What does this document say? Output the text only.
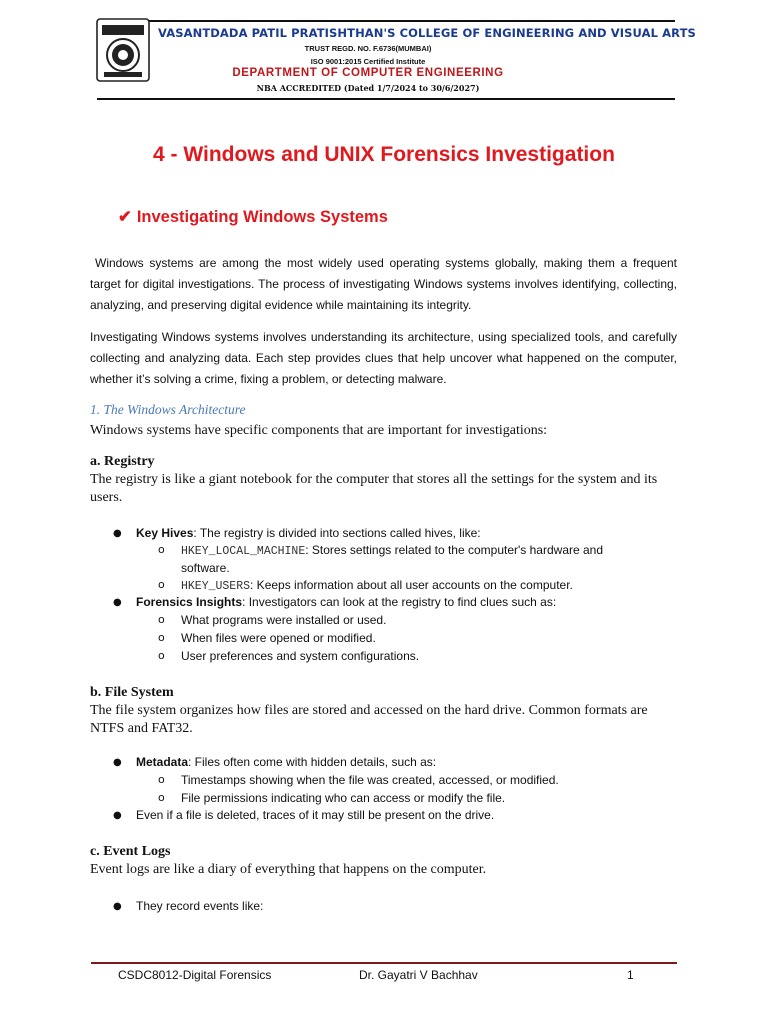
VASANTDADA PATIL PRATISHTHAN'S COLLEGE OF ENGINEERING AND VISUAL ARTS
TRUST REGD. NO. F.6736(MUMBAI)
ISO 9001:2015 Certified Institute
DEPARTMENT OF COMPUTER ENGINEERING
NBA ACCREDITED (Dated 1/7/2024 to 30/6/2027)
4 - Windows and UNIX Forensics Investigation
✔ Investigating Windows Systems
Windows systems are among the most widely used operating systems globally, making them a frequent target for digital investigations. The process of investigating Windows systems involves identifying, collecting, analyzing, and preserving digital evidence while maintaining its integrity.
Investigating Windows systems involves understanding its architecture, using specialized tools, and carefully collecting and analyzing data. Each step provides clues that help uncover what happened on the computer, whether it’s solving a crime, fixing a problem, or detecting malware.
1. The Windows Architecture
Windows systems have specific components that are important for investigations:
a. Registry
The registry is like a giant notebook for the computer that stores all the settings for the system and its users.
● Key Hives: The registry is divided into sections called hives, like:
o HKEY_LOCAL_MACHINE: Stores settings related to the computer's hardware and
software.
o HKEY_USERS: Keeps information about all user accounts on the computer.
● Forensics Insights: Investigators can look at the registry to find clues such as:
o What programs were installed or used.
o When files were opened or modified.
o User preferences and system configurations.
b. File System
The file system organizes how files are stored and accessed on the hard drive. Common formats are NTFS and FAT32.
● Metadata: Files often come with hidden details, such as:
o Timestamps showing when the file was created, accessed, or modified.
o File permissions indicating who can access or modify the file.
● Even if a file is deleted, traces of it may still be present on the drive.
c. Event Logs
Event logs are like a diary of everything that happens on the computer.
● They record events like:
CSDC8012-Digital Forensics	Dr. Gayatri V Bachhav	1
